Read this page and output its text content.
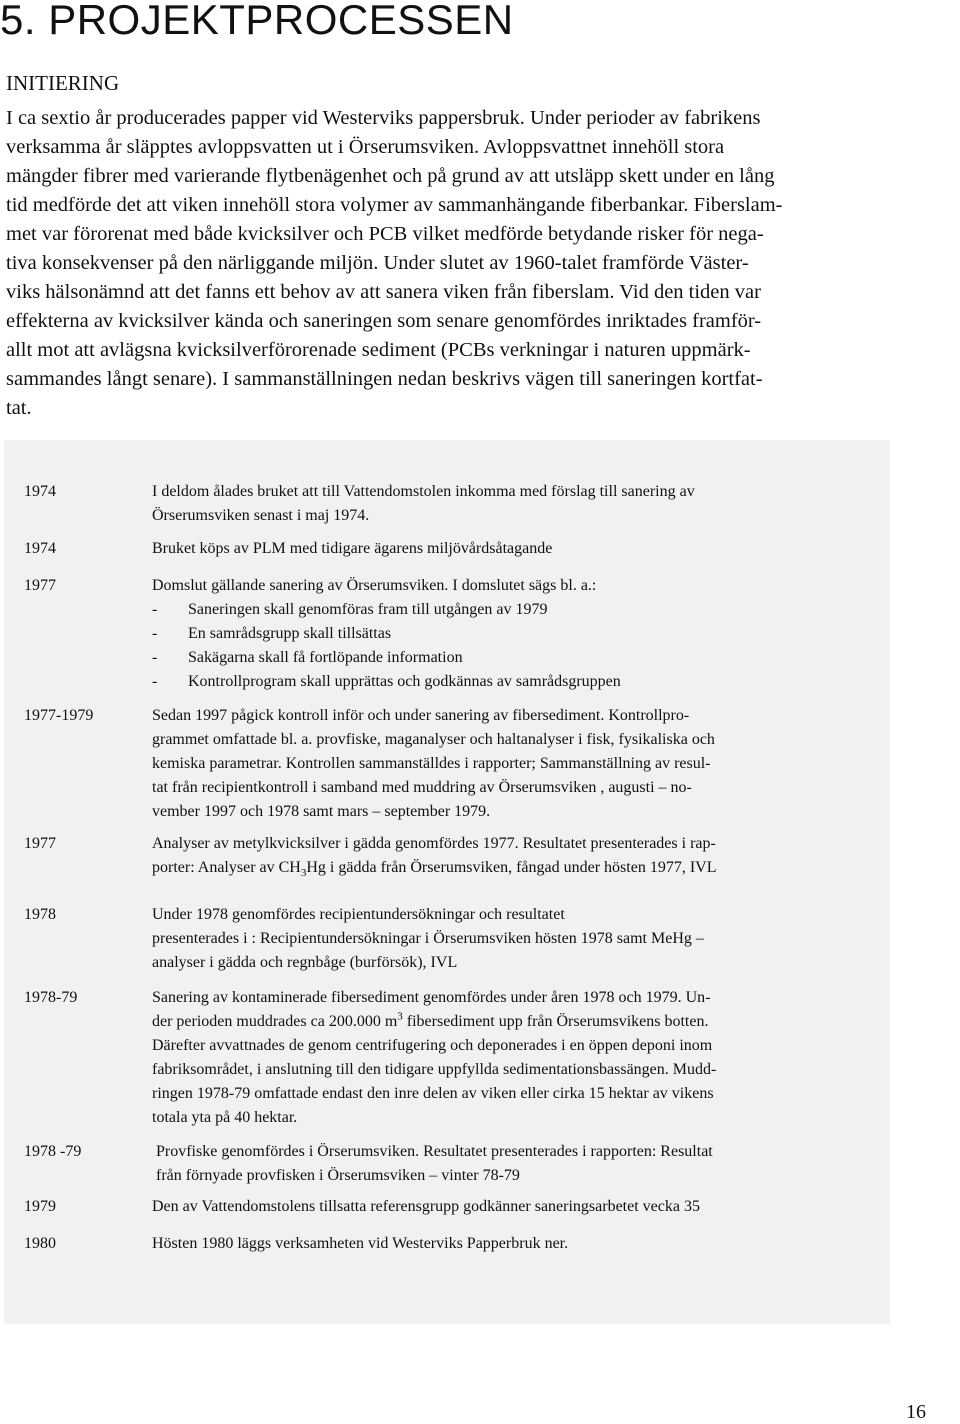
5. PROJEKTPROCESSEN
INITIERING
I ca sextio år producerades papper vid Westerviks pappersbruk. Under perioder av fabrikens
verksamma år släpptes avloppsvatten ut i Örserumsviken. Avloppsvattnet innehöll stora
mängder fibrer med varierande flytbenägenhet och på grund av att utsläpp skett under en lång
tid medförde det att viken innehöll stora volymer av sammanhängande fiberbankar. Fiberslam-
met var förorenat med både kvicksilver och PCB vilket medförde betydande risker för nega-
tiva konsekvenser på den närliggande miljön. Under slutet av 1960-talet framförde Väster-
viks hälsonämnd att det fanns ett behov av att sanera viken från fiberslam. Vid den tiden var
effekterna av kvicksilver kända och saneringen som senare genomfördes inriktades framför-
allt mot att avlägsna kvicksilverförorenade sediment (PCBs verkningar i naturen uppmärk-
sammandes långt senare). I sammanställningen nedan beskrivs vägen till saneringen kortfat-
tat.
1974	I deldom ålades bruket att till Vattendomstolen inkomma med förslag till sanering av
Örserumsviken senast i maj 1974.
1974	Bruket köps av PLM med tidigare ägarens miljövårdsåtagande
1977	Domslut gällande sanering av Örserumsviken. I domslutet sägs bl. a.:
- Saneringen skall genomföras fram till utgången av 1979
- En samrådsgrupp skall tillsättas
- Sakägarna skall få fortlöpande information
- Kontrollprogram skall upprättas och godkännas av samrådsgruppen
1977-1979	Sedan 1997 pågick kontroll inför och under sanering av fibersediment. Kontrollpro-
grammet omfattade bl. a. provfiske, maganalyser och haltanalyser i fisk, fysikaliska och
kemiska parametrar. Kontrollen sammanställdes i rapporter; Sammanställning av resul-
tat från recipientkontroll i samband med muddring av Örserumsviken , augusti – no-
vember 1997 och 1978 samt mars – september 1979.
1977	Analyser av metylkvicksilver i gädda genomfördes 1977. Resultatet presenterades i rap-
porter: Analyser av $CH_3Hg$ i gädda från Örserumsviken, fångad under hösten 1977, IVL
1978	Under 1978 genomfördes recipientundersökningar och resultatet
presenterades i : Recipientundersökningar i Örserumsviken hösten 1978 samt MeHg –
analyser i gädda och regnbåge (burförsök), IVL
1978-79	Sanering av kontaminerade fibersediment genomfördes under åren 1978 och 1979. Un-
der perioden muddrades ca 200.000 $m^3$ fibersediment upp från Örserumsvikens botten.
Därefter avvattnades de genom centrifugering och deponerades i en öppen deponi inom
fabriksområdet, i anslutning till den tidigare uppfyllda sedimentationsbassängen. Mudd-
ringen 1978-79 omfattade endast den inre delen av viken eller cirka 15 hektar av vikens
totala yta på 40 hektar.
1978 -79	Provfiske genomfördes i Örserumsviken. Resultatet presenterades i rapporten: Resultat
från förnyade provfisken i Örserumsviken – vinter 78-79
1979	Den av Vattendomstolens tillsatta referensgrupp godkänner saneringsarbetet vecka 35
1980	Hösten 1980 läggs verksamheten vid Westerviks Papperbruk ner.
16
